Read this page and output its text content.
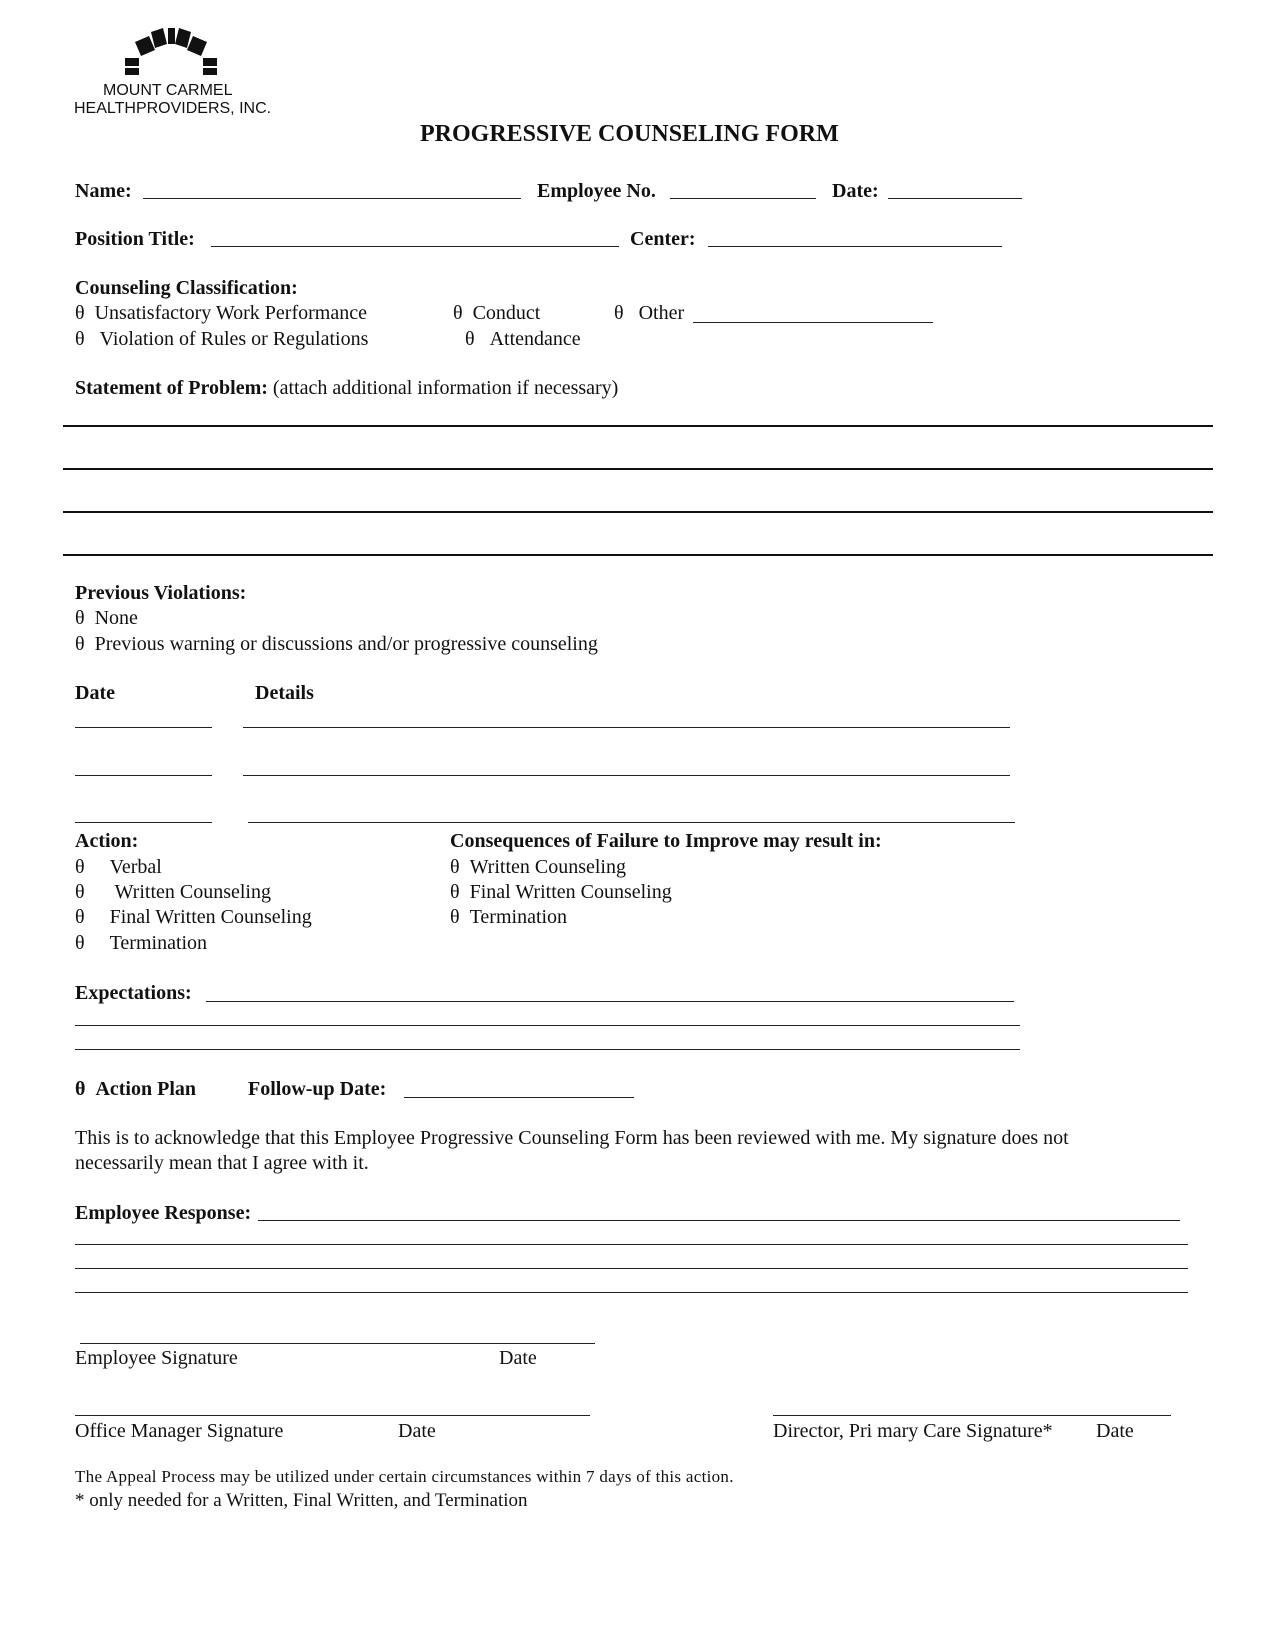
MOUNT CARMEL
HEALTHPROVIDERS, INC.
PROGRESSIVE COUNSELING FORM
Name:	Employee No.	Date:
Position Title:	Center:
Counseling Classification:
θ Unsatisfactory Work Performance	θ Conduct	θ Other
θ Violation of Rules or Regulations	θ Attendance
Statement of Problem: (attach additional information if necessary)
Previous Violations:
θ None
θ Previous warning or discussions and/or progressive counseling
Date	Details
Action:
θ Verbal
θ Written Counseling
θ Final Written Counseling
θ Termination
Consequences of Failure to Improve may result in:
θ Written Counseling
θ Final Written Counseling
θ Termination
Expectations:
θ Action Plan	Follow-up Date:
This is to acknowledge that this Employee Progressive Counseling Form has been reviewed with me. My signature does not
necessarily mean that I agree with it.
Employee Response:
Employee Signature	Date
Office Manager Signature	Date	Director, Pri mary Care Signature* Date
The Appeal Process may be utilized under certain circumstances within 7 days of this action.
* only needed for a Written, Final Written, and Termination
